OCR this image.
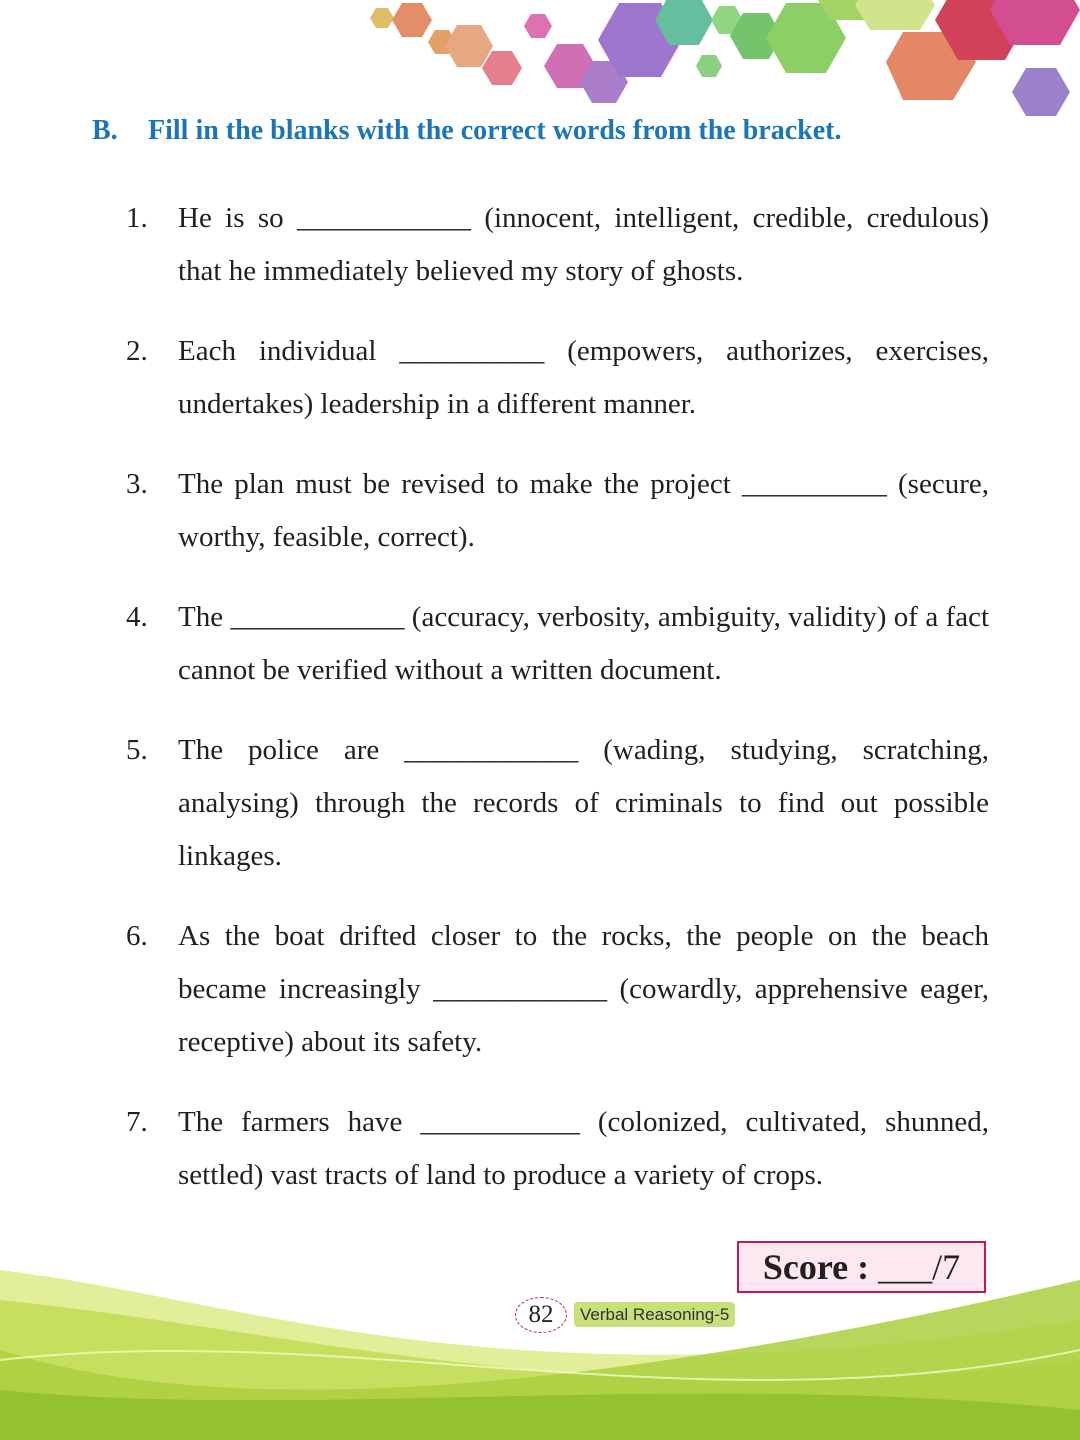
B. Fill in the blanks with the correct words from the bracket.
1.	He is so ____________ (innocent, intelligent, credible, credulous) that he immediately believed my story of ghosts.
2.	Each individual __________ (empowers, authorizes, exercises, undertakes) leadership in a different manner.
3.	The plan must be revised to make the project __________ (secure, worthy, feasible, correct).
4.	The ____________ (accuracy, verbosity, ambiguity, validity) of a fact cannot be verified without a written document.
5.	The police are ____________ (wading, studying, scratching, analysing) through the records of criminals to find out possible linkages.
6.	As the boat drifted closer to the rocks, the people on the beach became increasingly ____________ (cowardly, apprehensive eager, receptive) about its safety.
7.	The farmers have ___________ (colonized, cultivated, shunned, settled) vast tracts of land to produce a variety of crops.
Score : ___/7
82	Verbal Reasoning-5
